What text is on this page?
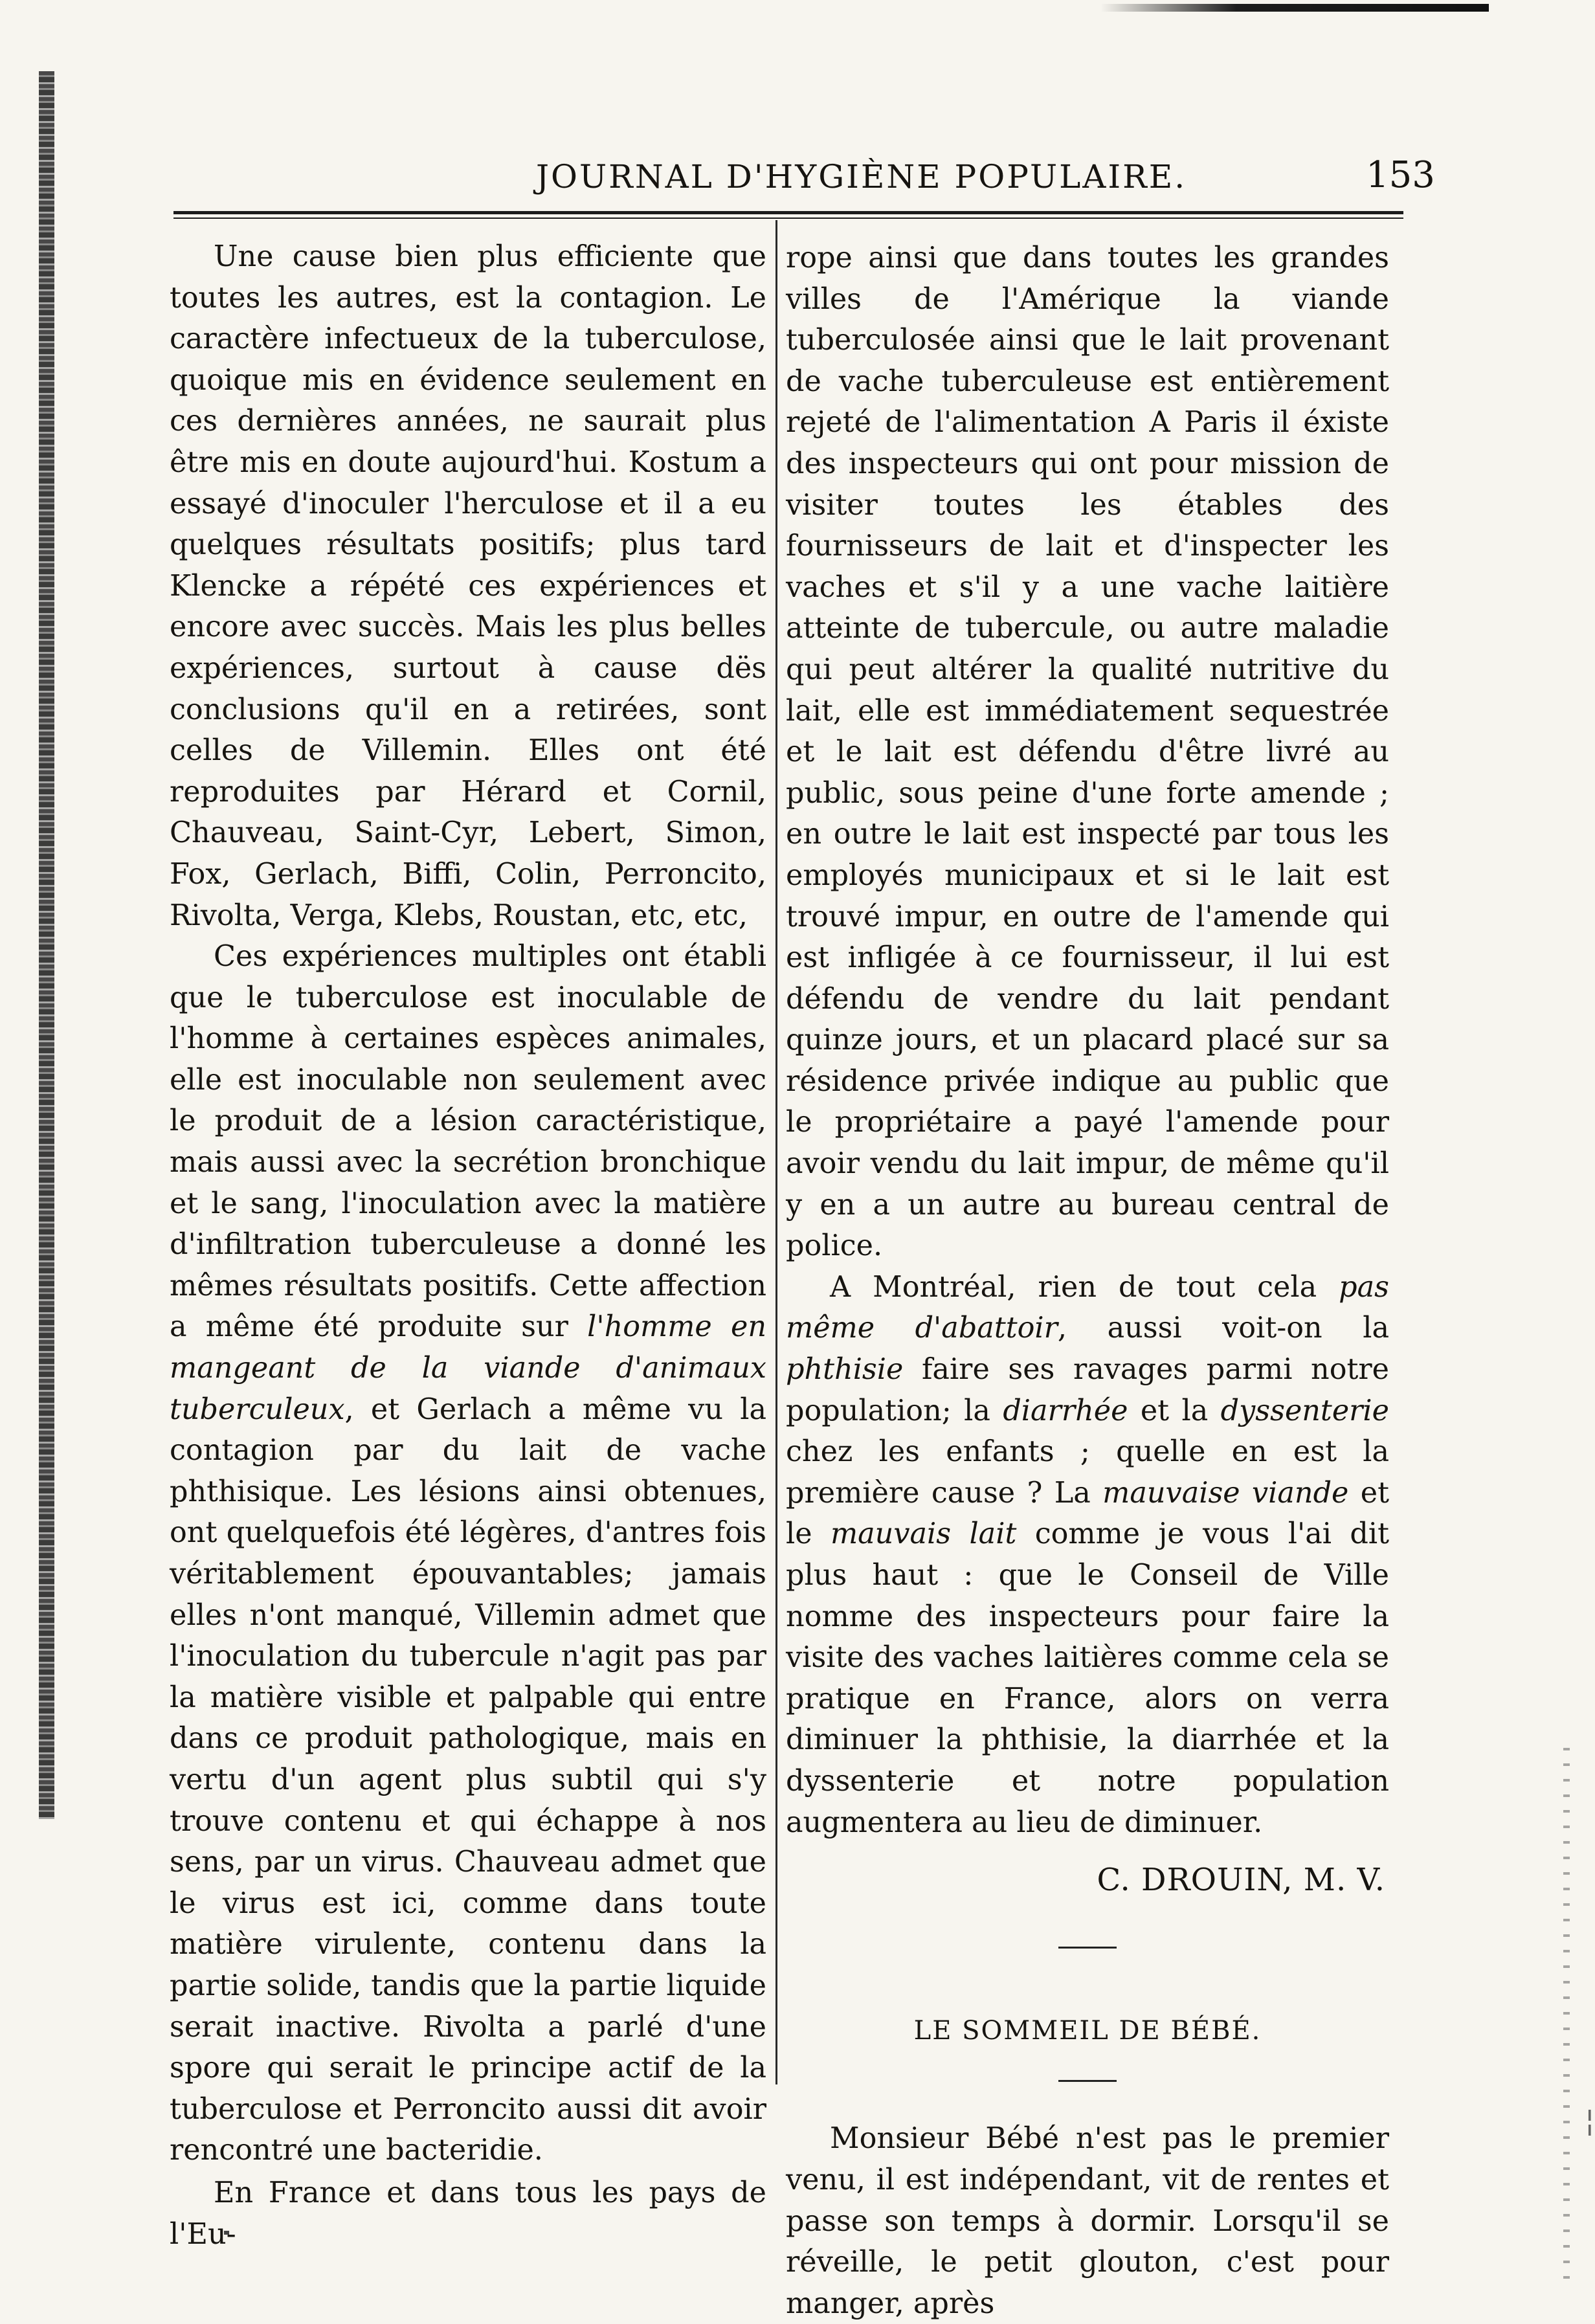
¦
JOURNAL D'HYGIÈNE POPULAIRE.	153

Une cause bien plus efficiente que toutes les autres, est la contagion. Le caractère infectueux de la tuberculose, quoique mis en évidence seulement en ces dernières années, ne saurait plus être mis en doute aujourd'hui. Kostum a essayé d'inoculer l'herculose et il a eu quelques résultats positifs; plus tard Klencke a répété ces expériences et encore avec succès. Mais les plus belles expériences, surtout à cause dës conclusions qu'il en a retirées, sont celles de Villemin. Elles ont été reproduites par Hérard et Cornil, Chauveau, Saint-Cyr, Lebert, Simon, Fox, Gerlach, Biffi, Colin, Perroncito, Rivolta, Verga, Klebs, Roustan, etc, etc,

Ces expériences multiples ont établi que le tuberculose est inoculable de l'homme à certaines espèces animales, elle est inoculable non seulement avec le produit de a lésion caractéristique, mais aussi avec la secrétion bronchique et le sang, l'inoculation avec la matière d'infiltration tuberculeuse a donné les mêmes résultats positifs. Cette affection a même été produite sur l'homme en mangeant de la viande d'animaux tuberculeux, et Gerlach a même vu la contagion par du lait de vache phthisique. Les lésions ainsi obtenues, ont quelquefois été légères, d'antres fois véritablement épouvantables; jamais elles n'ont manqué, Villemin admet que l'inoculation du tubercule n'agit pas par la matière visible et palpable qui entre dans ce produit pathologique, mais en vertu d'un agent plus subtil qui s'y trouve contenu et qui échappe à nos sens, par un virus. Chauveau admet que le virus est ici, comme dans toute matière virulente, contenu dans la partie solide, tandis que la partie liquide serait inactive. Rivolta a parlé d'une spore qui serait le principe actif de la tuberculose et Perroncito aussi dit avoir rencontré une bacteridie.

En France et dans tous les pays de l'Eu-

rope ainsi que dans toutes les grandes villes de l'Amérique la viande tuberculosée ainsi que le lait provenant de vache tuberculeuse est entièrement rejeté de l'alimentation A Paris il éxiste des inspecteurs qui ont pour mission de visiter toutes les étables des fournisseurs de lait et d'inspecter les vaches et s'il y a une vache laitière atteinte de tubercule, ou autre maladie qui peut altérer la qualité nutritive du lait, elle est immédiatement sequestrée et le lait est défendu d'être livré au public, sous peine d'une forte amende ; en outre le lait est inspecté par tous les employés municipaux et si le lait est trouvé impur, en outre de l'amende qui est infligée à ce fournisseur, il lui est défendu de vendre du lait pendant quinze jours, et un placard placé sur sa résidence privée indique au public que le propriétaire a payé l'amende pour avoir vendu du lait impur, de même qu'il y en a un autre au bureau central de police.

A Montréal, rien de tout cela pas même d'abattoir, aussi voit-on la phthisie faire ses ravages parmi notre population; la diarrhée et la dyssenterie chez les enfants ; quelle en est la première cause ? La mauvaise viande et le mauvais lait comme je vous l'ai dit plus haut : que le Conseil de Ville nomme des inspecteurs pour faire la visite des vaches laitières comme cela se pratique en France, alors on verra diminuer la phthisie, la diarrhée et la dyssenterie et notre population augmentera au lieu de diminuer.

C. DROUIN, M. V.

LE SOMMEIL DE BÉBÉ.

Monsieur Bébé n'est pas le premier venu, il est indépendant, vit de rentes et passe son temps à dormir. Lorsqu'il se réveille, le petit glouton, c'est pour manger, après
